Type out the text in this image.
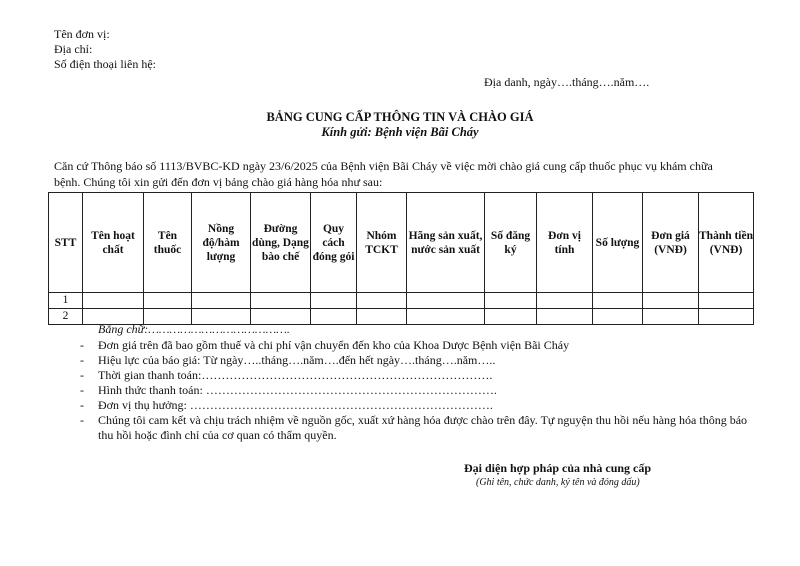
Tên đơn vị:
Địa chỉ:
Số điện thoại liên hệ:
Địa danh, ngày….tháng….năm….
BẢNG CUNG CẤP THÔNG TIN VÀ CHÀO GIÁ
Kính gửi: Bệnh viện Bãi Cháy
Căn cứ Thông báo số 1113/BVBC-KD ngày 23/6/2025 của Bệnh viện Bãi Cháy về việc mời chào giá cung cấp thuốc phục vụ khám chữa
bệnh. Chúng tôi xin gửi đến đơn vị bảng chào giá hàng hóa như sau:
STT	Tên hoạt chất	Tên thuốc	Nồng độ/hàm lượng	Đường dùng, Dạng bào chế	Quy cách đóng gói	Nhóm TCKT	Hãng sản xuất, nước sản xuất	Số đăng ký	Đơn vị tính	Số lượng	Đơn giá (VNĐ)	Thành tiền (VNĐ)
1												
2												
Bằng chữ:………………………………….
- Đơn giá trên đã bao gồm thuế và chi phí vận chuyển đến kho của Khoa Dược Bệnh viện Bãi Cháy
- Hiệu lực của báo giá: Từ ngày…..tháng….năm….đến hết ngày….tháng….năm…..
- Thời gian thanh toán:……………………………………………………………….
- Hình thức thanh toán: ……………………………………………………………….
- Đơn vị thụ hưởng: ………………………………………………………………….
- Chúng tôi cam kết và chịu trách nhiệm về nguồn gốc, xuất xứ hàng hóa được chào trên đây. Tự nguyện thu hồi nếu hàng hóa thông báo thu hồi hoặc đình chỉ của cơ quan có thẩm quyền.
Đại diện hợp pháp của nhà cung cấp
(Ghi tên, chức danh, ký tên và đóng dấu)
